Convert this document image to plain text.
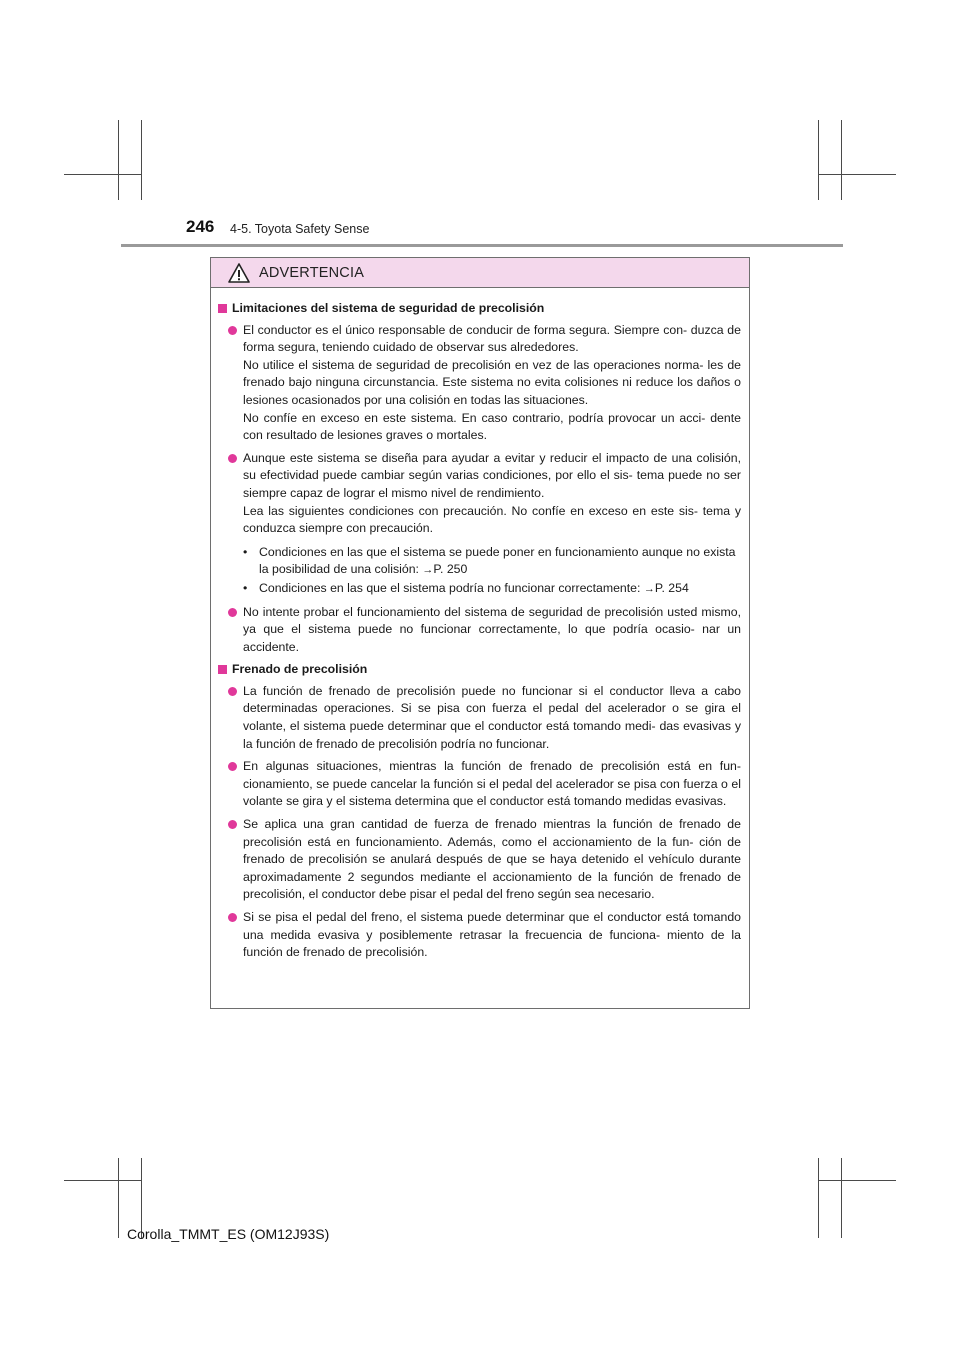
246 4-5. Toyota Safety Sense
ADVERTENCIA
Limitaciones del sistema de seguridad de precolisión
El conductor es el único responsable de conducir de forma segura. Siempre con- duzca de forma segura, teniendo cuidado de observar sus alrededores.
No utilice el sistema de seguridad de precolisión en vez de las operaciones norma- les de frenado bajo ninguna circunstancia. Este sistema no evita colisiones ni reduce los daños o lesiones ocasionados por una colisión en todas las situaciones.
No confíe en exceso en este sistema. En caso contrario, podría provocar un acci- dente con resultado de lesiones graves o mortales.
Aunque este sistema se diseña para ayudar a evitar y reducir el impacto de una colisión, su efectividad puede cambiar según varias condiciones, por ello el sis- tema puede no ser siempre capaz de lograr el mismo nivel de rendimiento.
Lea las siguientes condiciones con precaución. No confíe en exceso en este sis- tema y conduzca siempre con precaución.
• Condiciones en las que el sistema se puede poner en funcionamiento aunque no exista la posibilidad de una colisión: →P. 250
• Condiciones en las que el sistema podría no funcionar correctamente: →P. 254
No intente probar el funcionamiento del sistema de seguridad de precolisión usted mismo, ya que el sistema puede no funcionar correctamente, lo que podría ocasio- nar un accidente.
Frenado de precolisión
La función de frenado de precolisión puede no funcionar si el conductor lleva a cabo determinadas operaciones. Si se pisa con fuerza el pedal del acelerador o se gira el volante, el sistema puede determinar que el conductor está tomando medi- das evasivas y la función de frenado de precolisión podría no funcionar.
En algunas situaciones, mientras la función de frenado de precolisión está en fun- cionamiento, se puede cancelar la función si el pedal del acelerador se pisa con fuerza o el volante se gira y el sistema determina que el conductor está tomando medidas evasivas.
Se aplica una gran cantidad de fuerza de frenado mientras la función de frenado de precolisión está en funcionamiento. Además, como el accionamiento de la fun- ción de frenado de precolisión se anulará después de que se haya detenido el vehículo durante aproximadamente 2 segundos mediante el accionamiento de la función de frenado de precolisión, el conductor debe pisar el pedal del freno según sea necesario.
Si se pisa el pedal del freno, el sistema puede determinar que el conductor está tomando una medida evasiva y posiblemente retrasar la frecuencia de funciona- miento de la función de frenado de precolisión.
Corolla_TMMT_ES (OM12J93S)
